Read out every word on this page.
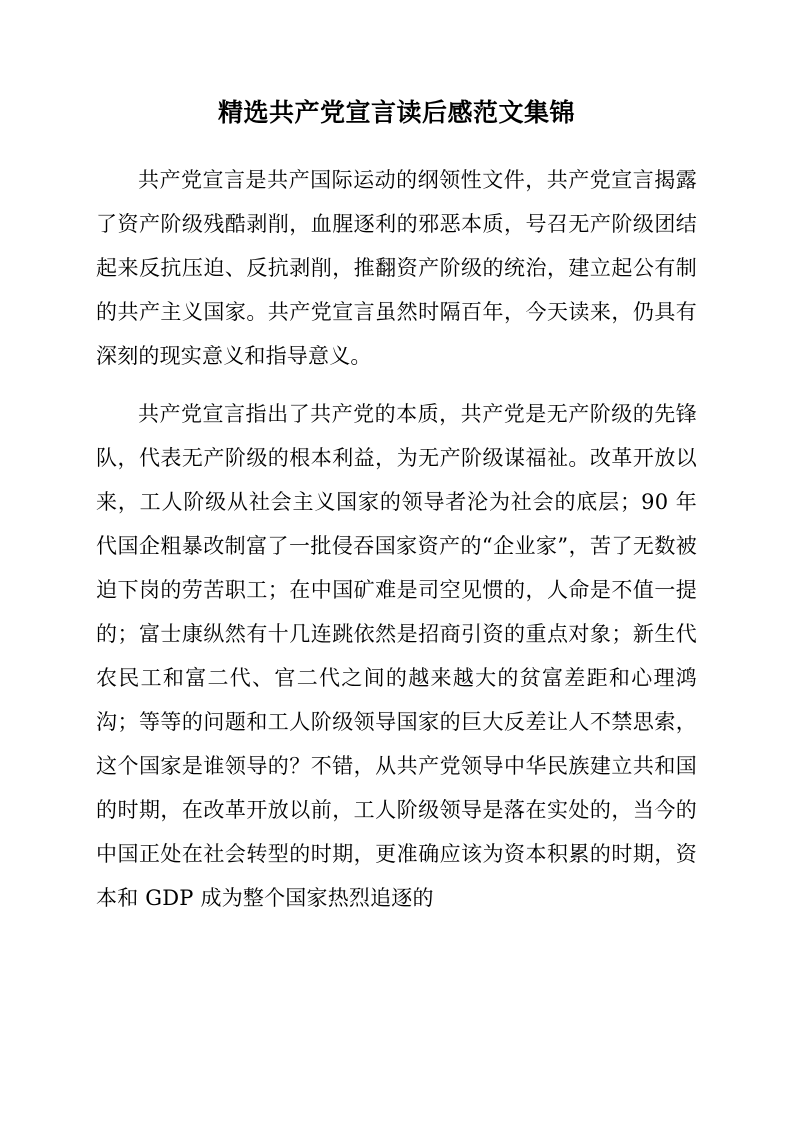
精选共产党宣言读后感范文集锦

共产党宣言是共产国际运动的纲领性文件，共产党宣言揭露了资产阶级残酷剥削，血腥逐利的邪恶本质，号召无产阶级团结起来反抗压迫、反抗剥削，推翻资产阶级的统治，建立起公有制的共产主义国家。共产党宣言虽然时隔百年，今天读来，仍具有深刻的现实意义和指导意义。

共产党宣言指出了共产党的本质，共产党是无产阶级的先锋队，代表无产阶级的根本利益，为无产阶级谋福祉。改革开放以来，工人阶级从社会主义国家的领导者沦为社会的底层；90 年代国企粗暴改制富了一批侵吞国家资产的“企业家”，苦了无数被迫下岗的劳苦职工；在中国矿难是司空见惯的，人命是不值一提的；富士康纵然有十几连跳依然是招商引资的重点对象；新生代农民工和富二代、官二代之间的越来越大的贫富差距和心理鸿沟；等等的问题和工人阶级领导国家的巨大反差让人不禁思索，这个国家是谁领导的？不错，从共产党领导中华民族建立共和国的时期，在改革开放以前，工人阶级领导是落在实处的，当今的中国正处在社会转型的时期，更准确应该为资本积累的时期，资本和 GDP 成为整个国家热烈追逐的
